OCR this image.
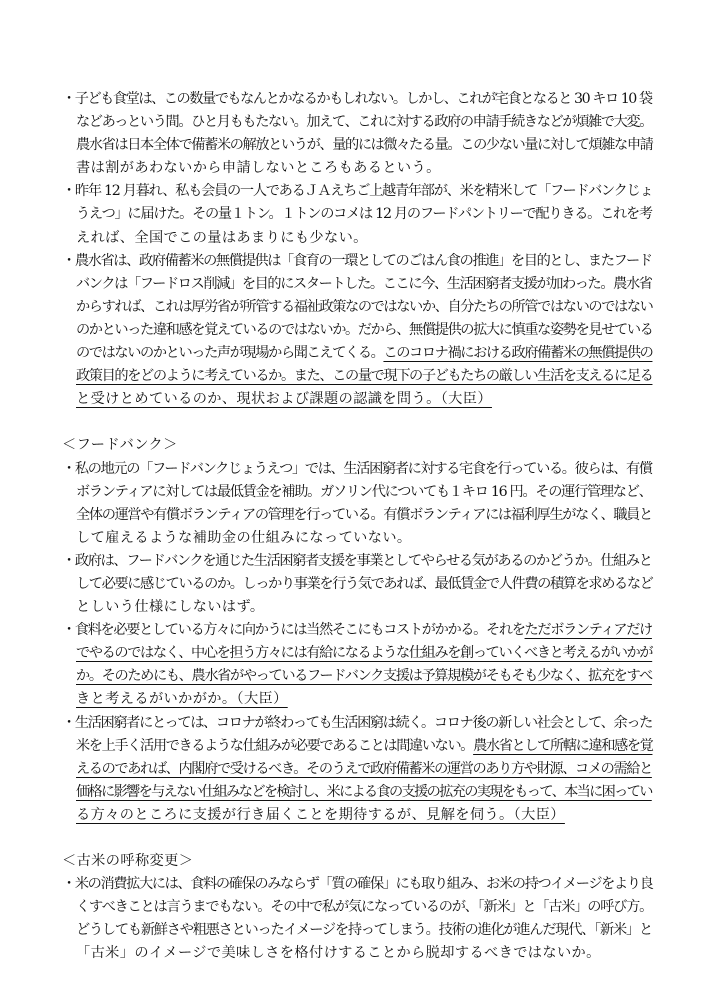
・子ども食堂は、この数量でもなんとかなるかもしれない。しかし、これが宅食となると 30 キロ 10 袋
などあっという間。ひと月ももたない。加えて、これに対する政府の申請手続きなどが煩雑で大変。
農水省は日本全体で備蓄米の解放というが、量的には微々たる量。この少ない量に対して煩雑な申請
書は割があわないから申請しないところもあるという。
・昨年 12 月暮れ、私も会員の一人であるＪＡえちご上越青年部が、米を精米して「フードバンクじょ
うえつ」に届けた。その量１トン。１トンのコメは 12 月のフードパントリーで配りきる。これを考
えれば、全国でこの量はあまりにも少ない。
・農水省は、政府備蓄米の無償提供は「食育の一環としてのごはん食の推進」を目的とし、またフード
バンクは「フードロス削減」を目的にスタートした。ここに今、生活困窮者支援が加わった。農水省
からすれば、これは厚労省が所管する福祉政策なのではないか、自分たちの所管ではないのではない
のかといった違和感を覚えているのではないか。だから、無償提供の拡大に慎重な姿勢を見せている
のではないのかといった声が現場から聞こえてくる。このコロナ禍における政府備蓄米の無償提供の
政策目的をどのように考えているか。また、この量で現下の子どもたちの厳しい生活を支えるに足る
と受けとめているのか、現状および課題の認識を問う。（大臣）
＜フードバンク＞
・私の地元の「フードバンクじょうえつ」では、生活困窮者に対する宅食を行っている。彼らは、有償
ボランティアに対しては最低賃金を補助。ガソリン代についても１キロ 16 円。その運行管理など、
全体の運営や有償ボランティアの管理を行っている。有償ボランティアには福利厚生がなく、職員と
して雇えるような補助金の仕組みになっていない。
・政府は、フードバンクを通じた生活困窮者支援を事業としてやらせる気があるのかどうか。仕組みと
して必要に感じているのか。しっかり事業を行う気であれば、最低賃金で人件費の積算を求めるなど
としいう仕様にしないはず。
・食料を必要としている方々に向かうには当然そこにもコストがかかる。それをただボランティアだけ
でやるのではなく、中心を担う方々には有給になるような仕組みを創っていくべきと考えるがいかが
か。そのためにも、農水省がやっているフードバンク支援は予算規模がそもそも少なく、拡充をすべ
きと考えるがいかがか。（大臣）
・生活困窮者にとっては、コロナが終わっても生活困窮は続く。コロナ後の新しい社会として、余った
米を上手く活用できるような仕組みが必要であることは間違いない。農水省として所轄に違和感を覚
えるのであれば、内閣府で受けるべき。そのうえで政府備蓄米の運営のあり方や財源、コメの需給と
価格に影響を与えない仕組みなどを検討し、米による食の支援の拡充の実現をもって、本当に困ってい
る方々のところに支援が行き届くことを期待するが、見解を伺う。（大臣）
＜古米の呼称変更＞
・米の消費拡大には、食料の確保のみならず「質の確保」にも取り組み、お米の持つイメージをより良
くすべきことは言うまでもない。その中で私が気になっているのが、「新米」と「古米」の呼び方。
どうしても新鮮さや粗悪さといったイメージを持ってしまう。技術の進化が進んだ現代、「新米」と
「古米」のイメージで美味しさを格付けすることから脱却するべきではないか。
